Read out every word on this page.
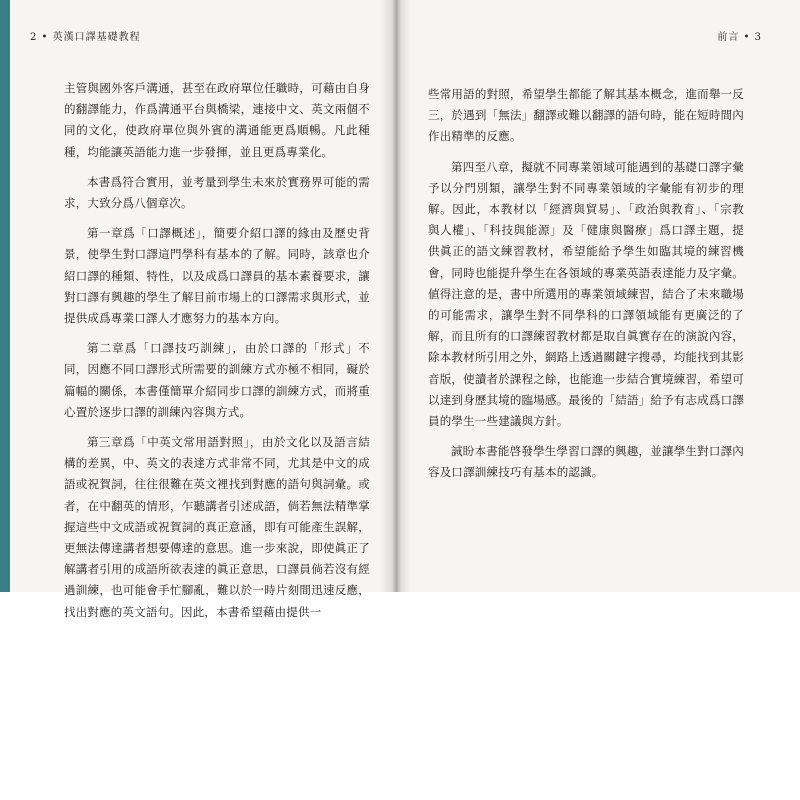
2 • 英漢口譯基礎教程	前言 • 3

主管與國外客戶溝通，甚至在政府單位任職時，可藉由自身的翻譯能力，作爲溝通平台與橋梁，連接中文、英文兩個不同的文化，使政府單位與外賓的溝通能更爲順暢。凡此種種，均能讓英語能力進一步發揮，並且更爲專業化。

本書爲符合實用，並考量到學生未來於實務界可能的需求，大致分爲八個章次。

第一章爲「口譯概述」，簡要介紹口譯的緣由及歷史背景，使學生對口譯這門學科有基本的了解。同時，該章也介紹口譯的種類、特性，以及成爲口譯員的基本素養要求，讓對口譯有興趣的學生了解目前市場上的口譯需求與形式，並提供成爲專業口譯人才應努力的基本方向。

第二章爲「口譯技巧訓練」，由於口譯的「形式」不同，因應不同口譯形式所需要的訓練方式亦極不相同，礙於篇幅的關係，本書僅簡單介紹同步口譯的訓練方式，而將重心置於逐步口譯的訓練內容與方式。

第三章爲「中英文常用語對照」，由於文化以及語言結構的差異，中、英文的表達方式非常不同，尤其是中文的成語或祝賀詞，往往很難在英文裡找到對應的語句與詞彙。或者，在中翻英的情形，乍聽講者引述成語，倘若無法精準掌握這些中文成語或祝賀詞的真正意涵，即有可能產生誤解，更無法傳達講者想要傳達的意思。進一步來說，即使眞正了解講者引用的成語所欲表達的眞正意思，口譯員倘若沒有經過訓練，也可能會手忙腳亂，難以於一時片刻間迅速反應，找出對應的英文語句。因此，本書希望藉由提供一

些常用語的對照，希望學生都能了解其基本概念，進而舉一反三，於遇到「無法」翻譯或難以翻譯的語句時，能在短時間內作出精準的反應。

第四至八章，擬就不同專業領域可能遇到的基礎口譯字彙予以分門別類，讓學生對不同專業領域的字彙能有初步的理解。因此，本教材以「經濟與貿易」、「政治與教育」、「宗教與人權」、「科技與能源」及「健康與醫療」爲口譯主題，提供眞正的語文練習教材，希望能給予學生如臨其境的練習機會，同時也能提升學生在各領域的專業英語表達能力及字彙。値得注意的是，書中所選用的專業領域練習，結合了未來職場的可能需求，讓學生對不同學科的口譯領域能有更廣泛的了解，而且所有的口譯練習教材都是取自眞實存在的演說內容，除本教材所引用之外，網路上透過關鍵字搜尋，均能找到其影音版，使讀者於課程之餘，也能進一步結合實境練習，希望可以達到身歷其境的臨場感。最後的「結語」給予有志成爲口譯員的學生一些建議與方針。

誠盼本書能啓發學生學習口譯的興趣，並讓學生對口譯內容及口譯訓練技巧有基本的認識。
